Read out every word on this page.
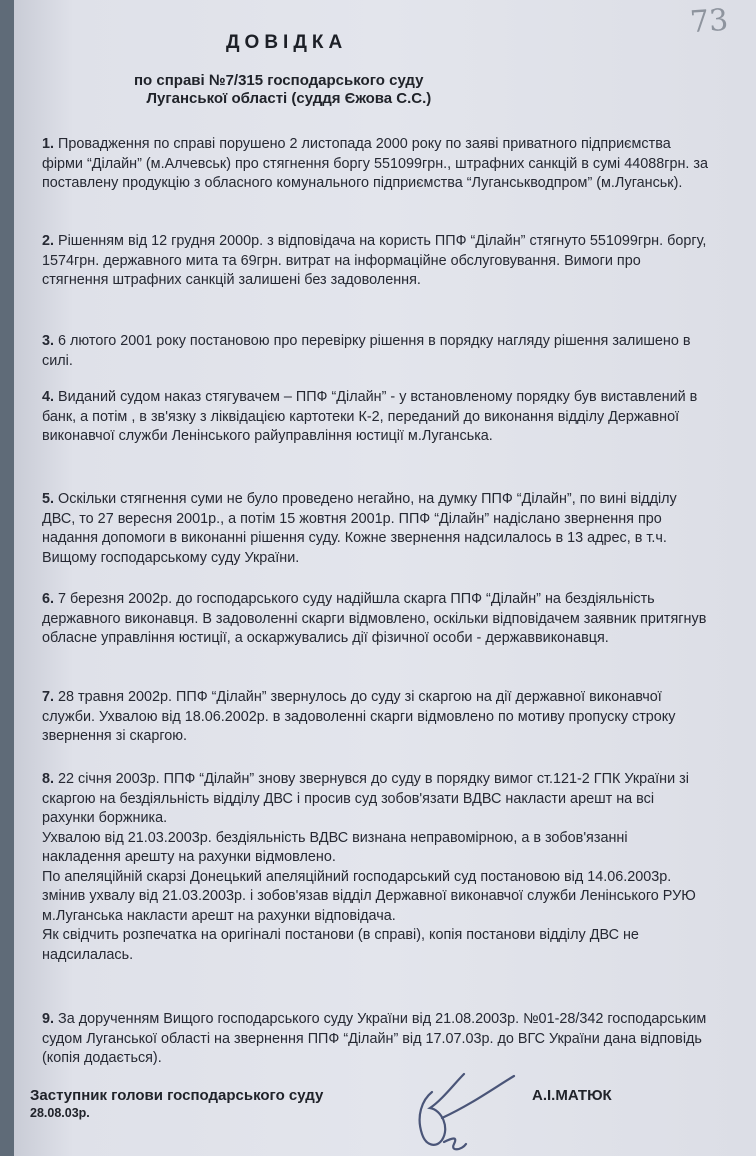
73
ДОВІДКА
по справі №7/315 господарського суду
Луганської області (суддя Єжова С.С.)

1. Провадження по справі порушено 2 листопада 2000 року по заяві приватного підприємства фірми “Ділайн” (м.Алчевськ) про стягнення боргу 551099грн., штрафних санкцій в сумі 44088грн. за поставлену продукцію з обласного комунального підприємства “Луганськводпром” (м.Луганськ).

2. Рішенням від 12 грудня 2000р. з відповідача на користь ППФ “Ділайн” стягнуто 551099грн. боргу, 1574грн. державного мита та 69грн. витрат на інформаційне обслуговування. Вимоги про стягнення штрафних санкцій залишені без задоволення.

3. 6 лютого 2001 року постановою про перевірку рішення в порядку нагляду рішення залишено в силі.

4. Виданий судом наказ стягувачем – ППФ “Ділайн” - у встановленому порядку був виставлений в банк, а потім , в зв'язку з ліквідацією картотеки К-2, переданий до виконання відділу Державної виконавчої служби Ленінського райуправління юстиції м.Луганська.

5. Оскільки стягнення суми не було проведено негайно, на думку ППФ “Ділайн”, по вині відділу ДВС, то 27 вересня 2001р., а потім 15 жовтня 2001р. ППФ “Ділайн” надіслано звернення про надання допомоги в виконанні рішення суду. Кожне звернення надсилалось в 13 адрес, в т.ч. Вищому господарському суду України.

6. 7 березня 2002р. до господарського суду надійшла скарга ППФ “Ділайн” на бездіяльність державного виконавця. В задоволенні скарги відмовлено, оскільки відповідачем заявник притягнув обласне управління юстиції, а оскаржувались дії фізичної особи - державвиконавця.

7. 28 травня 2002р. ППФ “Ділайн” звернулось до суду зі скаргою на дії державної виконавчої служби. Ухвалою від 18.06.2002р. в задоволенні скарги відмовлено по мотиву пропуску строку звернення зі скаргою.

8. 22 січня 2003р. ППФ “Ділайн” знову звернувся до суду в порядку вимог ст.121-2 ГПК України зі скаргою на бездіяльність відділу ДВС і просив суд зобов'язати ВДВС накласти арешт на всі рахунки боржника.

Ухвалою від 21.03.2003р. бездіяльність ВДВС визнана неправомірною, а в зобов'язанні накладення арешту на рахунки відмовлено.

По апеляційній скарзі Донецький апеляційний господарський суд постановою від 14.06.2003р. змінив ухвалу від 21.03.2003р. і зобов'язав відділ Державної виконавчої служби Ленінського РУЮ м.Луганська накласти арешт на рахунки відповідача.

Як свідчить розпечатка на оригіналі постанови (в справі), копія постанови відділу ДВС не надсилалась.

9. За дорученням Вищого господарського суду України від 21.08.2003р. №01-28/342 господарським судом Луганської області на звернення ППФ “Ділайн” від 17.07.03р. до ВГС України дана відповідь (копія додається).

Заступник голови господарського суду
28.08.03р.
А.І.МАТЮК
